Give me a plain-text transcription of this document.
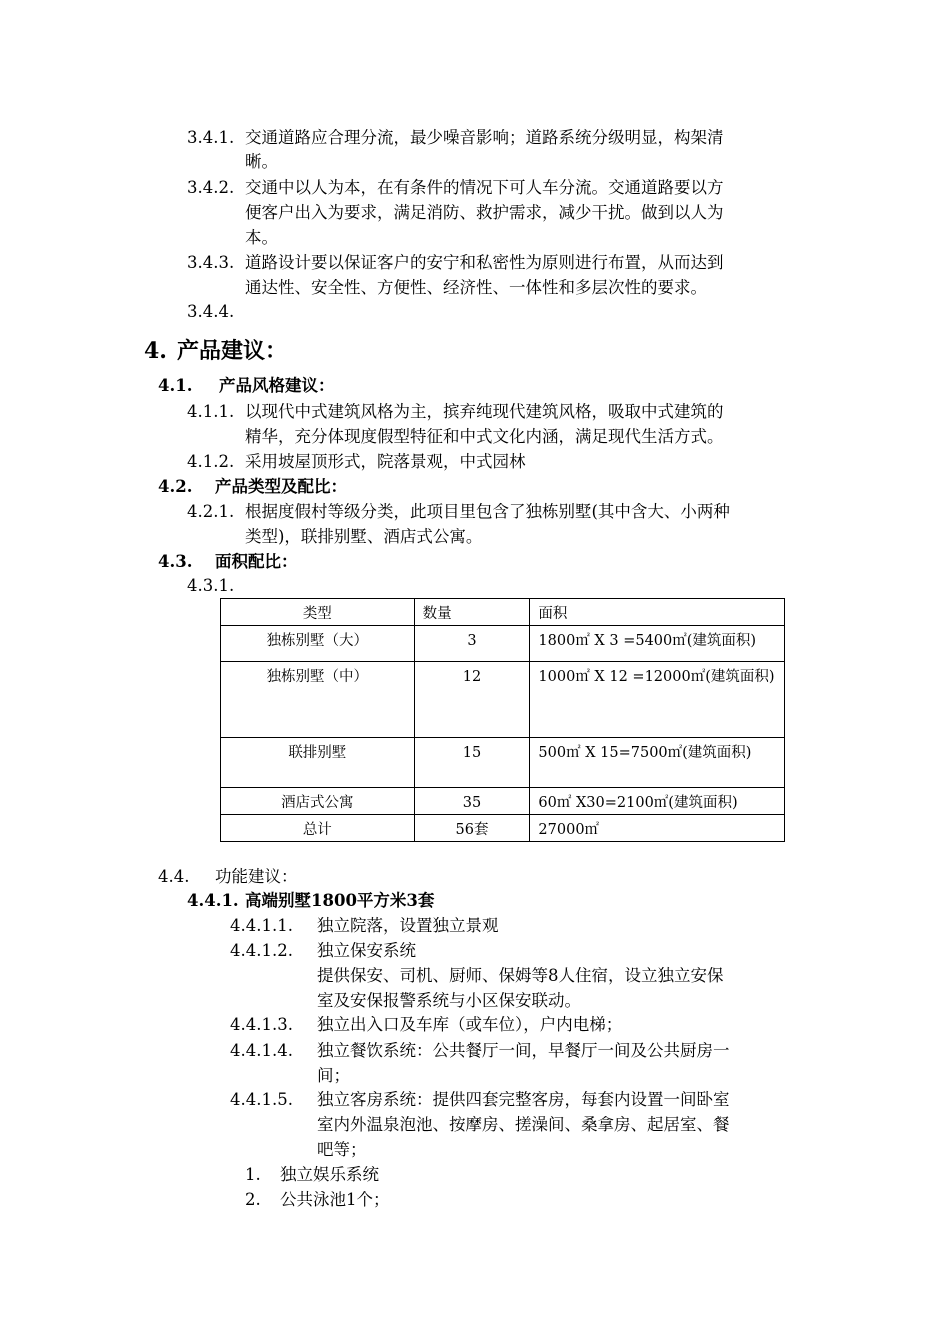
3.4.1. 交通道路应合理分流，最少噪音影响；道路系统分级明显，构架清
晰。
3.4.2. 交通中以人为本，在有条件的情况下可人车分流。交通道路要以方
便客户出入为要求，满足消防、救护需求，减少干扰。做到以人为
本。
3.4.3. 道路设计要以保证客户的安宁和私密性为原则进行布置，从而达到
通达性、安全性、方便性、经济性、一体性和多层次性的要求。
3.4.4.
4. 产品建议：
4.1. 产品风格建议：
4.1.1. 以现代中式建筑风格为主，摈弃纯现代建筑风格，吸取中式建筑的
精华，充分体现度假型特征和中式文化内涵，满足现代生活方式。
4.1.2. 采用坡屋顶形式，院落景观，中式园林
4.2. 产品类型及配比：
4.2.1. 根据度假村等级分类，此项目里包含了独栋别墅(其中含大、小两种
类型)，联排别墅、酒店式公寓。
4.3. 面积配比：
4.3.1.
类型	数量	面积
独栋别墅（大）	3	1800㎡ X 3 =5400㎡(建筑面积)
独栋别墅（中）	12	1000㎡ X 12 =12000㎡(建筑面积)
联排别墅	15	500㎡ X 15=7500㎡(建筑面积)
酒店式公寓	35	60㎡ X30=2100㎡(建筑面积)
总计	56套	27000㎡
4.4. 功能建议：
4.4.1. 高端别墅1800平方米3套
4.4.1.1. 独立院落，设置独立景观
4.4.1.2. 独立保安系统
提供保安、司机、厨师、保姆等8人住宿，设立独立安保
室及安保报警系统与小区保安联动。
4.4.1.3. 独立出入口及车库（或车位），户内电梯；
4.4.1.4. 独立餐饮系统：公共餐厅一间，早餐厅一间及公共厨房一
间；
4.4.1.5. 独立客房系统：提供四套完整客房，每套内设置一间卧室
室内外温泉泡池、按摩房、搓澡间、桑拿房、起居室、餐
吧等；
1. 独立娱乐系统
2. 公共泳池1个；
